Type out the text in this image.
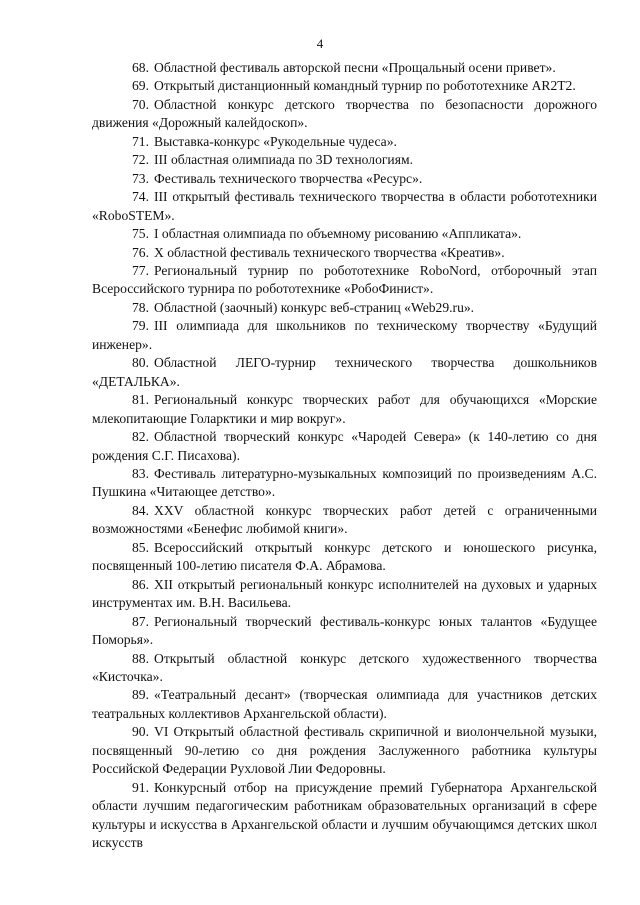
4

68. Областной фестиваль авторской песни «Прощальный осени привет».

69. Открытый дистанционный командный турнир по робототехнике AR2T2.

70. Областной конкурс детского творчества по безопасности дорожного движения «Дорожный калейдоскоп».

71. Выставка-конкурс «Рукодельные чудеса».

72. III областная олимпиада по 3D технологиям.

73. Фестиваль технического творчества «Ресурс».

74. III открытый фестиваль технического творчества в области робототехники «RoboSTEM».

75. I областная олимпиада по объемному рисованию «Аппликата».

76. X областной фестиваль технического творчества «Креатив».

77. Региональный турнир по робототехнике RoboNord, отборочный этап Всероссийского турнира по робототехнике «РобоФинист».

78. Областной (заочный) конкурс веб-страниц «Web29.ru».

79. III олимпиада для школьников по техническому творчеству «Будущий инженер».

80. Областной ЛЕГО-турнир технического творчества дошкольников «ДЕТАЛЬКА».

81. Региональный конкурс творческих работ для обучающихся «Морские млекопитающие Голарктики и мир вокруг».

82. Областной творческий конкурс «Чародей Севера» (к 140-летию со дня рождения С.Г. Писахова).

83. Фестиваль литературно-музыкальных композиций по произведениям А.С. Пушкина «Читающее детство».

84. XXV областной конкурс творческих работ детей с ограниченными возможностями «Бенефис любимой книги».

85. Всероссийский открытый конкурс детского и юношеского рисунка, посвященный 100-летию писателя Ф.А. Абрамова.

86. XII открытый региональный конкурс исполнителей на духовых и ударных инструментах им. В.Н. Васильева.

87. Региональный творческий фестиваль-конкурс юных талантов «Будущее Поморья».

88. Открытый областной конкурс детского художественного творчества «Кисточка».

89. «Театральный десант» (творческая олимпиада для участников детских театральных коллективов Архангельской области).

90. VI Открытый областной фестиваль скрипичной и виолончельной музыки, посвященный 90-летию со дня рождения Заслуженного работника культуры Российской Федерации Рухловой Лии Федоровны.

91. Конкурсный отбор на присуждение премий Губернатора Архангельской области лучшим педагогическим работникам образовательных организаций в сфере культуры и искусства в Архангельской области и лучшим обучающимся детских школ искусств
